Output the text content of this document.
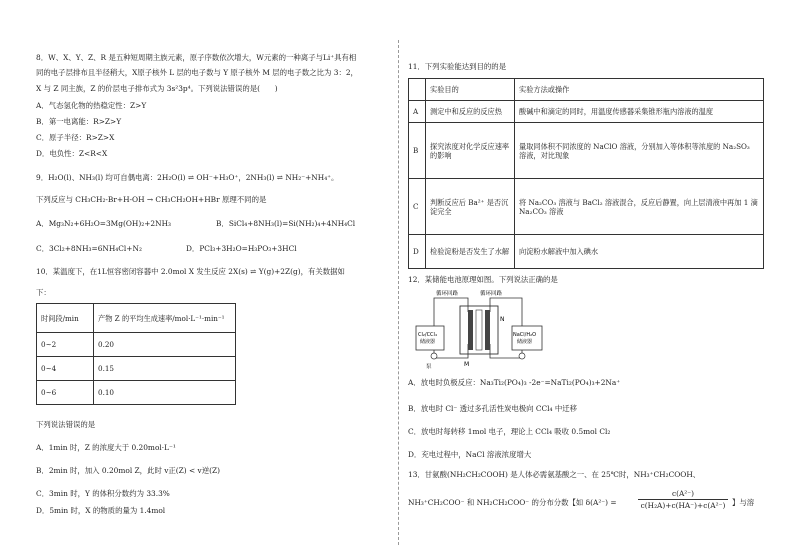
8．W、X、Y、Z、R 是五种短周期主族元素，原子序数依次增大，W元素的一种离子与Li⁺具有相
同的电子层排布且半径稍大，X原子核外 L 层的电子数与 Y 原子核外 M 层的电子数之比为 3：2，
X 与 Z 同主族，Z 的价层电子排布式为 3s²3p⁴。下列说法错误的是(　　)
A．气态氢化物的热稳定性：Z>Y
B．第一电离能：R>Z>Y
C．原子半径：R>Z>X
D．电负性：Z<R<X
9．H₂O(l)、NH₃(l) 均可自偶电离：2H₂O(l) ⇌ OH⁻+H₃O⁺，2NH₃(l) ⇌ NH₂⁻+NH₄⁺。
下列反应与 CH₃CH₂-Br+H-OH → CH₃CH₂OH+HBr 原理不同的是
A．Mg₃N₂+6H₂O=3Mg(OH)₂+2NH₃	B．SiCl₄+8NH₃(l)=Si(NH₂)₄+4NH₄Cl
C．3Cl₂+8NH₃=6NH₄Cl+N₂	D．PCl₃+3H₂O=H₃PO₃+3HCl
10．某温度下，在1L恒容密闭容器中 2.0mol X 发生反应 2X(s) ⇌ Y(g)+2Z(g)，有关数据如
下：
时间段/min	产物 Z 的平均生成速率/mol·L⁻¹·min⁻¹
0~2	0.20
0~4	0.15
0~6	0.10
下列说法错误的是
A．1min 时，Z 的浓度大于 0.20mol·L⁻¹
B．2min 时，加入 0.20mol Z，此时 v正(Z) < v逆(Z)
C．3min 时，Y 的体积分数约为 33.3%
D．5min 时，X 的物质的量为 1.4mol
11．下列实验能达到目的的是
	实验目的	实验方法或操作
A	测定中和反应的反应热	酸碱中和滴定的同时，用温度传感器采集锥形瓶内溶液的温度
B	探究浓度对化学反应速率的影响	量取同体积不同浓度的 NaClO 溶液，分别加入等体积等浓度的 Na₂SO₃ 溶液，对比现象
C	判断反应后 Ba²⁺ 是否沉淀完全	将 Na₂CO₃ 溶液与 BaCl₂ 溶液混合，反应后静置，向上层清液中再加 1 滴 Na₂CO₃ 溶液
D	检验淀粉是否发生了水解	向淀粉水解液中加入碘水
12．某储能电池原理如图。下列说法正确的是
循环回路	循环回路
N
M
Cl₂/CCl₄ 储液器
NaCl/H₂O 储液器
泵
A．放电时负极反应：Na₃Ti₂(PO₄)₃ -2e⁻=NaTi₂(PO₄)₃+2Na⁺
B．放电时 Cl⁻ 透过多孔活性炭电极向 CCl₄ 中迁移
C．放电时每转移 1mol 电子，理论上 CCl₄ 吸收 0.5mol Cl₂
D．充电过程中，NaCl 溶液浓度增大
13．甘氨酸(NH₂CH₂COOH) 是人体必需氨基酸之一、在 25℃时，NH₃⁺CH₂COOH、
NH₃⁺CH₂COO⁻ 和 NH₂CH₂COO⁻ 的分布分数【如 δ(A²⁻) =	$\frac{\text{c(A²⁻)}}{\text{c(H₂A)+c(HA⁻)+c(A²⁻)}}$ 】与溶
